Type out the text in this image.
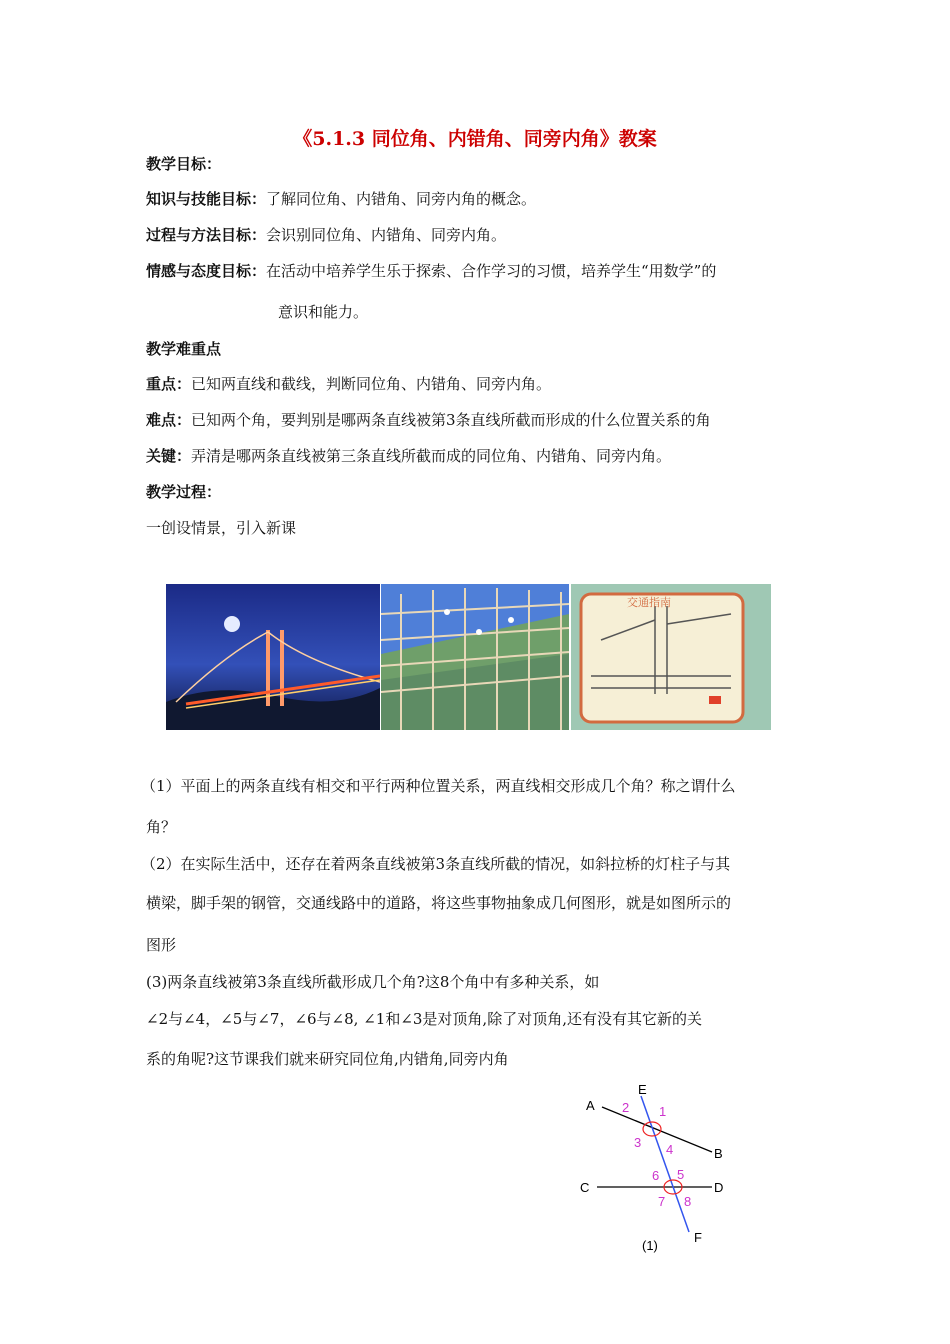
《5.1.3 同位角、内错角、同旁内角》教案
教学目标：
知识与技能目标：了解同位角、内错角、同旁内角的概念。
过程与方法目标：会识别同位角、内错角、同旁内角。
情感与态度目标：在活动中培养学生乐于探索、合作学习的习惯，培养学生“用数学”的
意识和能力。
教学难重点
重点：已知两直线和截线，判断同位角、内错角、同旁内角。
难点：已知两个角，要判别是哪两条直线被第3条直线所截而形成的什么位置关系的角
关键：弄清是哪两条直线被第三条直线所截而成的同位角、内错角、同旁内角。
教学过程：
一创设情景，引入新课
交通指南
（1）平面上的两条直线有相交和平行两种位置关系，两直线相交形成几个角？称之谓什么
角？
（2）在实际生活中，还存在着两条直线被第3条直线所截的情况，如斜拉桥的灯柱子与其
横梁，脚手架的钢管，交通线路中的道路，将这些事物抽象成几何图形，就是如图所示的
图形
(3)两条直线被第3条直线所截形成几个角?这8个角中有多种关系，如
∠2与∠4，∠5与∠7，∠6与∠8, ∠1和∠3是对顶角,除了对顶角,还有没有其它新的关
系的角呢?这节课我们就来研究同位角,内错角,同旁内角
A
B
C	D
E
F
1
2
3 4
5
6
7 8
(1)
